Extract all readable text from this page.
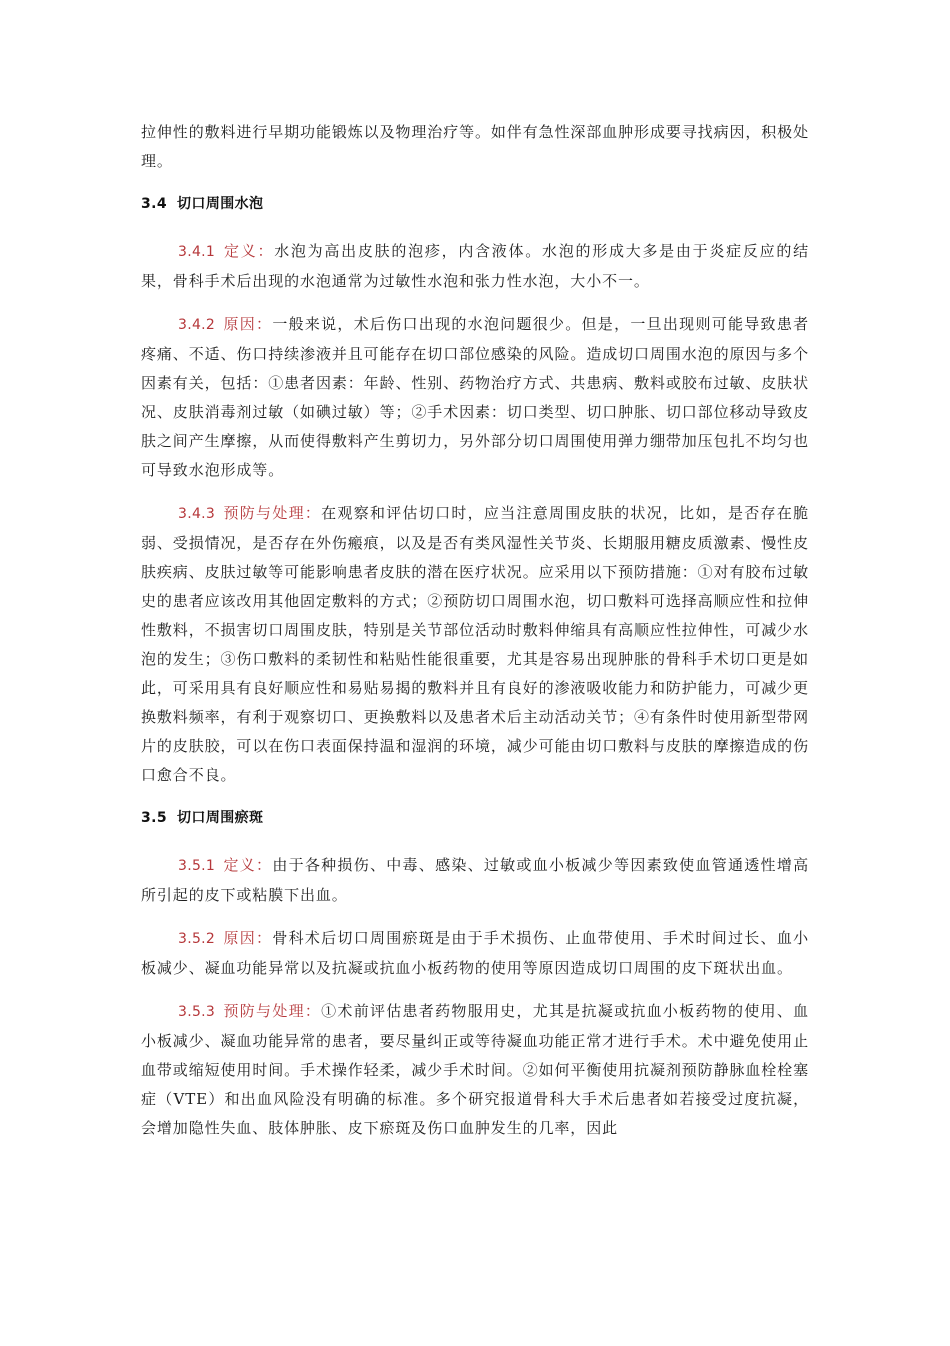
拉伸性的敷料进行早期功能锻炼以及物理治疗等。如伴有急性深部血肿形成要寻找病因，积极处理。

3.4 切口周围水泡

3.4.1 定义：水泡为高出皮肤的泡疹，内含液体。水泡的形成大多是由于炎症反应的结果，骨科手术后出现的水泡通常为过敏性水泡和张力性水泡，大小不一。

3.4.2 原因：一般来说，术后伤口出现的水泡问题很少。但是，一旦出现则可能导致患者疼痛、不适、伤口持续渗液并且可能存在切口部位感染的风险。造成切口周围水泡的原因与多个因素有关，包括：①患者因素：年龄、性别、药物治疗方式、共患病、敷料或胶布过敏、皮肤状况、皮肤消毒剂过敏（如碘过敏）等；②手术因素：切口类型、切口肿胀、切口部位移动导致皮肤之间产生摩擦，从而使得敷料产生剪切力，另外部分切口周围使用弹力绷带加压包扎不均匀也可导致水泡形成等。

3.4.3 预防与处理：在观察和评估切口时，应当注意周围皮肤的状况，比如，是否存在脆弱、受损情况，是否存在外伤瘢痕，以及是否有类风湿性关节炎、长期服用糖皮质激素、慢性皮肤疾病、皮肤过敏等可能影响患者皮肤的潜在医疗状况。应采用以下预防措施：①对有胶布过敏史的患者应该改用其他固定敷料的方式；②预防切口周围水泡，切口敷料可选择高顺应性和拉伸性敷料，不损害切口周围皮肤，特别是关节部位活动时敷料伸缩具有高顺应性拉伸性，可减少水泡的发生；③伤口敷料的柔韧性和粘贴性能很重要，尤其是容易出现肿胀的骨科手术切口更是如此，可采用具有良好顺应性和易贴易揭的敷料并且有良好的渗液吸收能力和防护能力，可减少更换敷料频率，有利于观察切口、更换敷料以及患者术后主动活动关节；④有条件时使用新型带网片的皮肤胶，可以在伤口表面保持温和湿润的环境，减少可能由切口敷料与皮肤的摩擦造成的伤口愈合不良。

3.5 切口周围瘀斑

3.5.1 定义：由于各种损伤、中毒、感染、过敏或血小板减少等因素致使血管通透性增高所引起的皮下或粘膜下出血。

3.5.2 原因：骨科术后切口周围瘀斑是由于手术损伤、止血带使用、手术时间过长、血小板减少、凝血功能异常以及抗凝或抗血小板药物的使用等原因造成切口周围的皮下斑状出血。

3.5.3 预防与处理：①术前评估患者药物服用史，尤其是抗凝或抗血小板药物的使用、血小板减少、凝血功能异常的患者，要尽量纠正或等待凝血功能正常才进行手术。术中避免使用止血带或缩短使用时间。手术操作轻柔，减少手术时间。②如何平衡使用抗凝剂预防静脉血栓栓塞症（VTE）和出血风险没有明确的标准。多个研究报道骨科大手术后患者如若接受过度抗凝，会增加隐性失血、肢体肿胀、皮下瘀斑及伤口血肿发生的几率，因此
